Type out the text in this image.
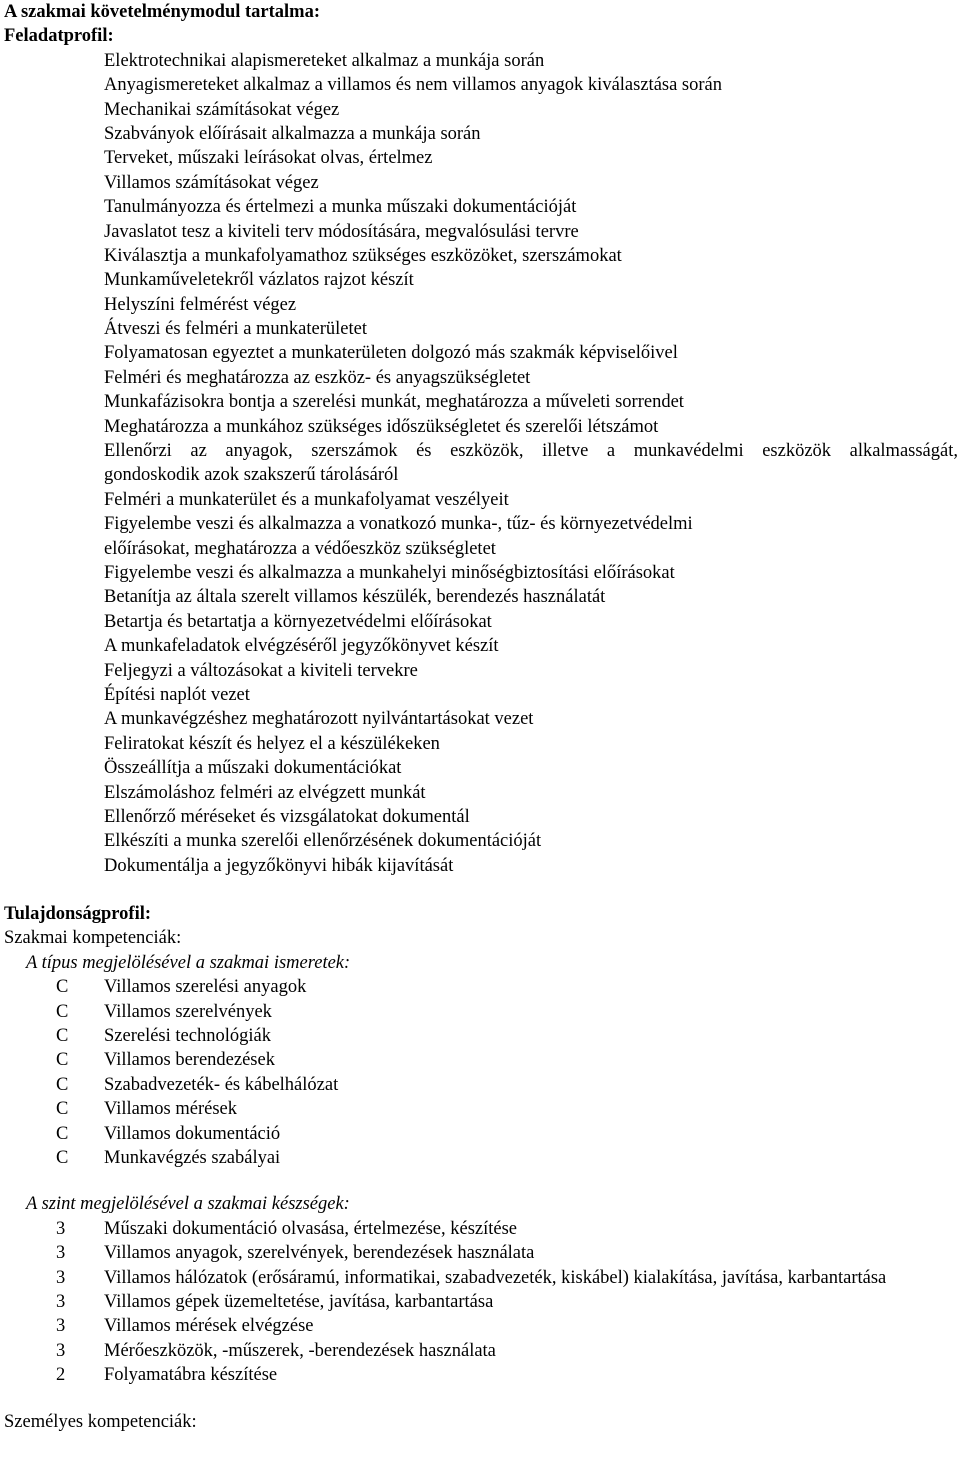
A szakmai követelménymodul tartalma:
Feladatprofil:
Elektrotechnikai alapismereteket alkalmaz a munkája során
Anyagismereteket alkalmaz a villamos és nem villamos anyagok kiválasztása során
Mechanikai számításokat végez
Szabványok előírásait alkalmazza a munkája során
Terveket, műszaki leírásokat olvas, értelmez
Villamos számításokat végez
Tanulmányozza és értelmezi a munka műszaki dokumentációját
Javaslatot tesz a kiviteli terv módosítására, megvalósulási tervre
Kiválasztja a munkafolyamathoz szükséges eszközöket, szerszámokat
Munkaműveletekről vázlatos rajzot készít
Helyszíni felmérést végez
Átveszi és felméri a munkaterületet
Folyamatosan egyeztet a munkaterületen dolgozó más szakmák képviselőivel
Felméri és meghatározza az eszköz- és anyagszükségletet
Munkafázisokra bontja a szerelési munkát, meghatározza a műveleti sorrendet
Meghatározza a munkához szükséges időszükségletet és szerelői létszámot
Ellenőrzi az anyagok, szerszámok és eszközök, illetve a munkavédelmi eszközök alkalmasságát,
gondoskodik azok szakszerű tárolásáról
Felméri a munkaterület és a munkafolyamat veszélyeit
Figyelembe veszi és alkalmazza a vonatkozó munka-, tűz- és környezetvédelmi
előírásokat, meghatározza a védőeszköz szükségletet
Figyelembe veszi és alkalmazza a munkahelyi minőségbiztosítási előírásokat
Betanítja az általa szerelt villamos készülék, berendezés használatát
Betartja és betartatja a környezetvédelmi előírásokat
A munkafeladatok elvégzéséről jegyzőkönyvet készít
Feljegyzi a változásokat a kiviteli tervekre
Építési naplót vezet
A munkavégzéshez meghatározott nyilvántartásokat vezet
Feliratokat készít és helyez el a készülékeken
Összeállítja a műszaki dokumentációkat
Elszámoláshoz felméri az elvégzett munkát
Ellenőrző méréseket és vizsgálatokat dokumentál
Elkészíti a munka szerelői ellenőrzésének dokumentációját
Dokumentálja a jegyzőkönyvi hibák kijavítását
Tulajdonságprofil:
Szakmai kompetenciák:
A típus megjelölésével a szakmai ismeretek:
C	Villamos szerelési anyagok
C	Villamos szerelvények
C	Szerelési technológiák
C	Villamos berendezések
C	Szabadvezeték- és kábelhálózat
C	Villamos mérések
C	Villamos dokumentáció
C	Munkavégzés szabályai
A szint megjelölésével a szakmai készségek:
3	Műszaki dokumentáció olvasása, értelmezése, készítése
3	Villamos anyagok, szerelvények, berendezések használata
3	Villamos hálózatok (erősáramú, informatikai, szabadvezeték, kiskábel) kialakítása, javítása, karbantartása
3	Villamos gépek üzemeltetése, javítása, karbantartása
3	Villamos mérések elvégzése
3	Mérőeszközök, -műszerek, -berendezések használata
2	Folyamatábra készítése
Személyes kompetenciák:
